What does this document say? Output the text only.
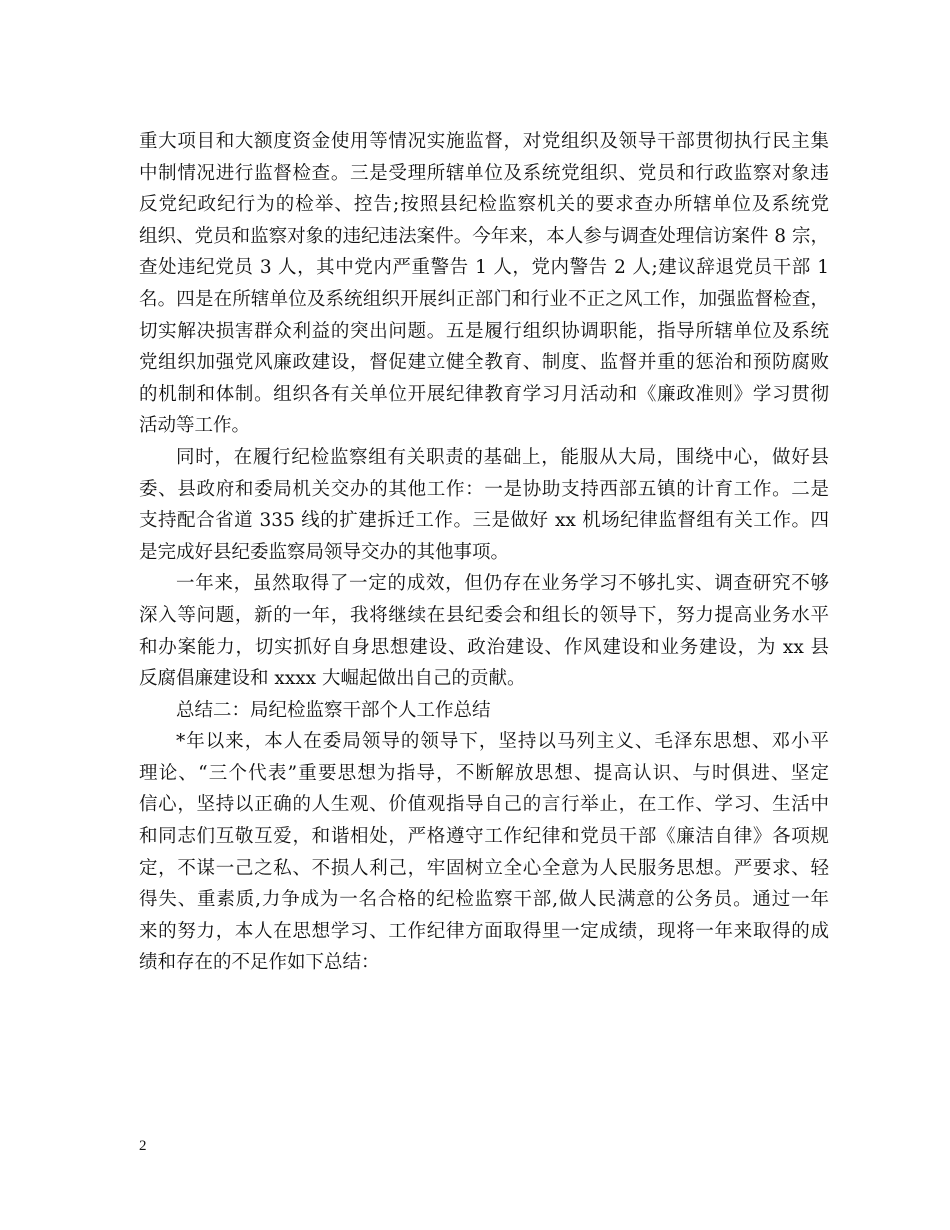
重大项目和大额度资金使用等情况实施监督，对党组织及领导干部贯彻执行民主集
中制情况进行监督检查。三是受理所辖单位及系统党组织、党员和行政监察对象违
反党纪政纪行为的检举、控告;按照县纪检监察机关的要求查办所辖单位及系统党
组织、党员和监察对象的违纪违法案件。今年来，本人参与调查处理信访案件 8 宗，
查处违纪党员 3 人，其中党内严重警告 1 人，党内警告 2 人;建议辞退党员干部 1
名。四是在所辖单位及系统组织开展纠正部门和行业不正之风工作，加强监督检查，
切实解决损害群众利益的突出问题。五是履行组织协调职能，指导所辖单位及系统
党组织加强党风廉政建设，督促建立健全教育、制度、监督并重的惩治和预防腐败
的机制和体制。组织各有关单位开展纪律教育学习月活动和《廉政准则》学习贯彻
活动等工作。
同时，在履行纪检监察组有关职责的基础上，能服从大局，围绕中心，做好县
委、县政府和委局机关交办的其他工作：一是协助支持西部五镇的计育工作。二是
支持配合省道 335 线的扩建拆迁工作。三是做好 xx 机场纪律监督组有关工作。四
是完成好县纪委监察局领导交办的其他事项。
一年来，虽然取得了一定的成效，但仍存在业务学习不够扎实、调查研究不够
深入等问题，新的一年，我将继续在县纪委会和组长的领导下，努力提高业务水平
和办案能力，切实抓好自身思想建设、政治建设、作风建设和业务建设，为 xx 县
反腐倡廉建设和 xxxx 大崛起做出自己的贡献。
总结二：局纪检监察干部个人工作总结
*年以来，本人在委局领导的领导下，坚持以马列主义、毛泽东思想、邓小平
理论、“三个代表”重要思想为指导，不断解放思想、提高认识、与时俱进、坚定
信心，坚持以正确的人生观、价值观指导自己的言行举止，在工作、学习、生活中
和同志们互敬互爱，和谐相处，严格遵守工作纪律和党员干部《廉洁自律》各项规
定，不谋一己之私、不损人利己，牢固树立全心全意为人民服务思想。严要求、轻
得失、重素质,力争成为一名合格的纪检监察干部,做人民满意的公务员。通过一年
来的努力，本人在思想学习、工作纪律方面取得里一定成绩，现将一年来取得的成
绩和存在的不足作如下总结：
2
